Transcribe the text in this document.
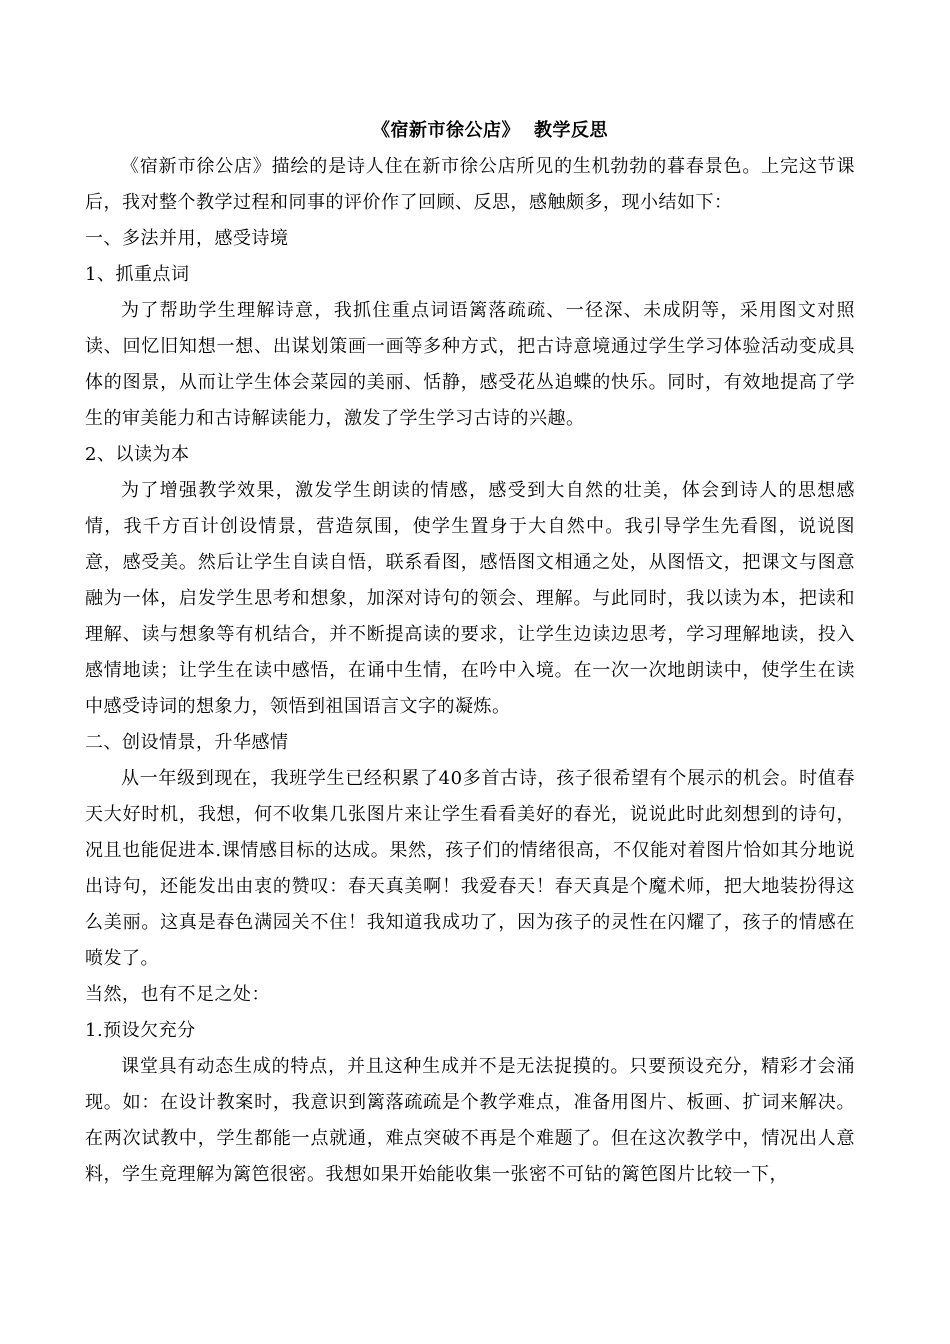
《宿新市徐公店》 教学反思

《宿新市徐公店》描绘的是诗人住在新市徐公店所见的生机勃勃的暮春景色。上完这节课后，我对整个教学过程和同事的评价作了回顾、反思，感触颇多，现小结如下：

一、多法并用，感受诗境

1、抓重点词

为了帮助学生理解诗意，我抓住重点词语篱落疏疏、一径深、未成阴等，采用图文对照读、回忆旧知想一想、出谋划策画一画等多种方式，把古诗意境通过学生学习体验活动变成具体的图景，从而让学生体会菜园的美丽、恬静，感受花丛追蝶的快乐。同时，有效地提高了学生的审美能力和古诗解读能力，激发了学生学习古诗的兴趣。

2、以读为本

为了增强教学效果，激发学生朗读的情感，感受到大自然的壮美，体会到诗人的思想感情，我千方百计创设情景，营造氛围，使学生置身于大自然中。我引导学生先看图，说说图意，感受美。然后让学生自读自悟，联系看图，感悟图文相通之处，从图悟文，把课文与图意融为一体，启发学生思考和想象，加深对诗句的领会、理解。与此同时，我以读为本，把读和理解、读与想象等有机结合，并不断提高读的要求，让学生边读边思考，学习理解地读，投入感情地读；让学生在读中感悟，在诵中生情，在吟中入境。在一次一次地朗读中，使学生在读中感受诗词的想象力，领悟到祖国语言文字的凝炼。

二、创设情景，升华感情

从一年级到现在，我班学生已经积累了40多首古诗，孩子很希望有个展示的机会。时值春天大好时机，我想，何不收集几张图片来让学生看看美好的春光，说说此时此刻想到的诗句，况且也能促进本.课情感目标的达成。果然，孩子们的情绪很高，不仅能对着图片恰如其分地说出诗句，还能发出由衷的赞叹：春天真美啊！我爱春天！春天真是个魔术师，把大地装扮得这么美丽。这真是春色满园关不住！我知道我成功了，因为孩子的灵性在闪耀了，孩子的情感在喷发了。

当然，也有不足之处：

1.预设欠充分

课堂具有动态生成的特点，并且这种生成并不是无法捉摸的。只要预设充分，精彩才会涌现。如：在设计教案时，我意识到篱落疏疏是个教学难点，准备用图片、板画、扩词来解决。在两次试教中，学生都能一点就通，难点突破不再是个难题了。但在这次教学中，情况出人意料，学生竟理解为篱笆很密。我想如果开始能收集一张密不可钻的篱笆图片比较一下，
